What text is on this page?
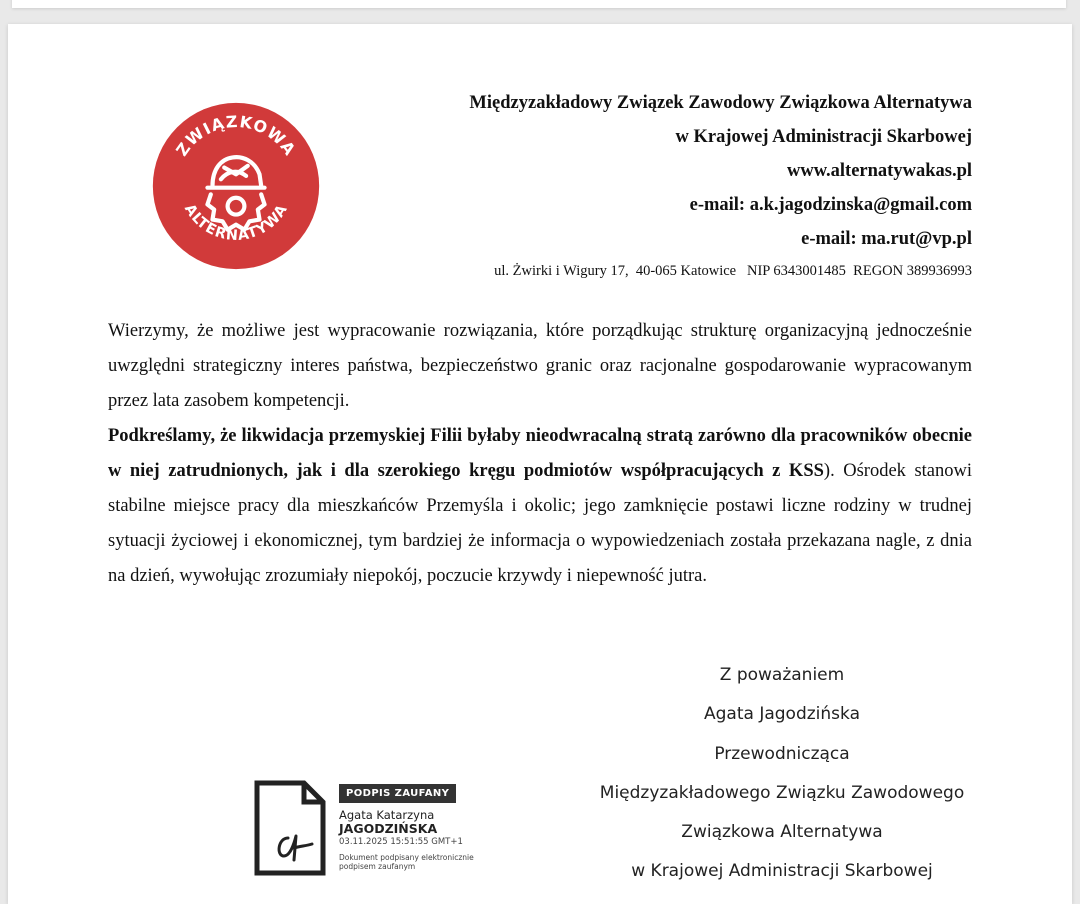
ZWIĄZKOWA
ALTERNATYWA
Międzyzakładowy Związek Zawodowy Związkowa Alternatywa
w Krajowej Administracji Skarbowej
www.alternatywakas.pl
e-mail: a.k.jagodzinska@gmail.com
e-mail: ma.rut@vp.pl
ul. Żwirki i Wigury 17,  40-065 Katowice   NIP 6343001485  REGON 389936993

Wierzymy, że możliwe jest wypracowanie rozwiązania, które porządkując strukturę organizacyjną jednocześnie uwzględni strategiczny interes państwa, bezpieczeństwo granic oraz racjonalne gospodarowanie wypracowanym przez lata zasobem kompetencji.

Podkreślamy, że likwidacja przemyskiej Filii byłaby nieodwracalną stratą zarówno dla pracowników obecnie w niej zatrudnionych, jak i dla szerokiego kręgu podmiotów współpracujących z KSS). Ośrodek stanowi stabilne miejsce pracy dla mieszkańców Przemyśla i okolic; jego zamknięcie postawi liczne rodziny w trudnej sytuacji życiowej i ekonomicznej, tym bardziej że informacja o wypowiedzeniach została przekazana nagle, z dnia na dzień, wywołując zrozumiały niepokój, poczucie krzywdy i niepewność jutra.

Z poważaniem
Agata Jagodzińska
Przewodnicząca
Międzyzakładowego Związku Zawodowego
Związkowa Alternatywa
w Krajowej Administracji Skarbowej
PODPIS ZAUFANY
Agata Katarzyna
JAGODZIŃSKA
03.11.2025 15:51:55 GMT+1
Dokument podpisany elektronicznie podpisem zaufanym
